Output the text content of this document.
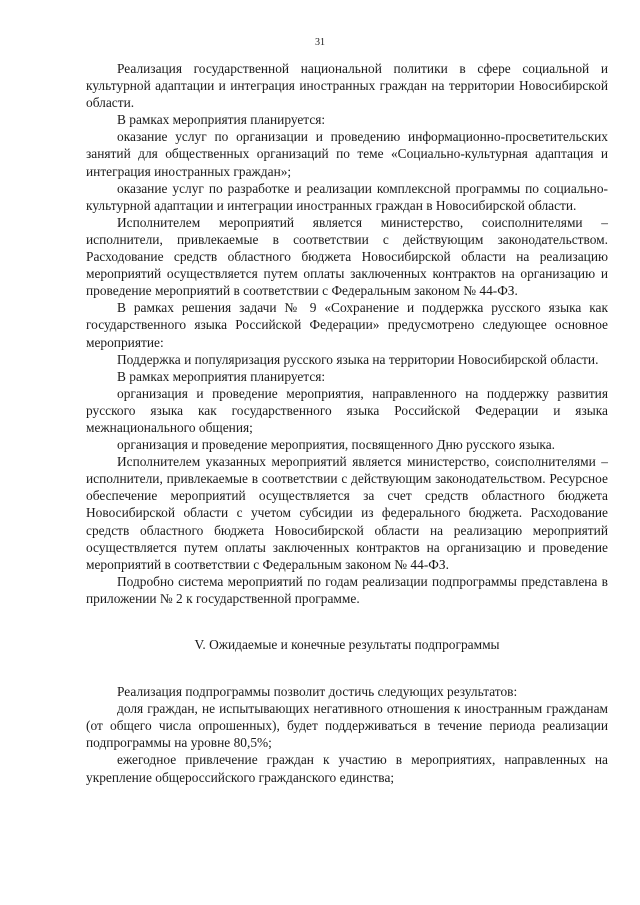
31

Реализация государственной национальной политики в сфере социальной и культурной адаптации и интеграция иностранных граждан на территории Новосибирской области.

В рамках мероприятия планируется:

оказание услуг по организации и проведению информационно-просветительских занятий для общественных организаций по теме «Социально-культурная адаптация и интеграция иностранных граждан»;

оказание услуг по разработке и реализации комплексной программы по социально-культурной адаптации и интеграции иностранных граждан в Новосибирской области.

Исполнителем мероприятий является министерство, соисполнителями – исполнители, привлекаемые в соответствии с действующим законодательством. Расходование средств областного бюджета Новосибирской области на реализацию мероприятий осуществляется путем оплаты заключенных контрактов на организацию и проведение мероприятий в соответствии с Федеральным законом № 44-ФЗ.

В рамках решения задачи № 9 «Сохранение и поддержка русского языка как государственного языка Российской Федерации» предусмотрено следующее основное мероприятие:

Поддержка и популяризация русского языка на территории Новосибирской области.

В рамках мероприятия планируется:

организация и проведение мероприятия, направленного на поддержку развития русского языка как государственного языка Российской Федерации и языка межнационального общения;

организация и проведение мероприятия, посвященного Дню русского языка.

Исполнителем указанных мероприятий является министерство, соисполнителями – исполнители, привлекаемые в соответствии с действующим законодательством. Ресурсное обеспечение мероприятий осуществляется за счет средств областного бюджета Новосибирской области с учетом субсидии из федерального бюджета. Расходование средств областного бюджета Новосибирской области на реализацию мероприятий осуществляется путем оплаты заключенных контрактов на организацию и проведение мероприятий в соответствии с Федеральным законом № 44-ФЗ.

Подробно система мероприятий по годам реализации подпрограммы представлена в приложении № 2 к государственной программе.

V. Ожидаемые и конечные результаты подпрограммы

Реализация подпрограммы позволит достичь следующих результатов:

доля граждан, не испытывающих негативного отношения к иностранным гражданам (от общего числа опрошенных), будет поддерживаться в течение периода реализации подпрограммы на уровне 80,5%;

ежегодное привлечение граждан к участию в мероприятиях, направленных на укрепление общероссийского гражданского единства;
